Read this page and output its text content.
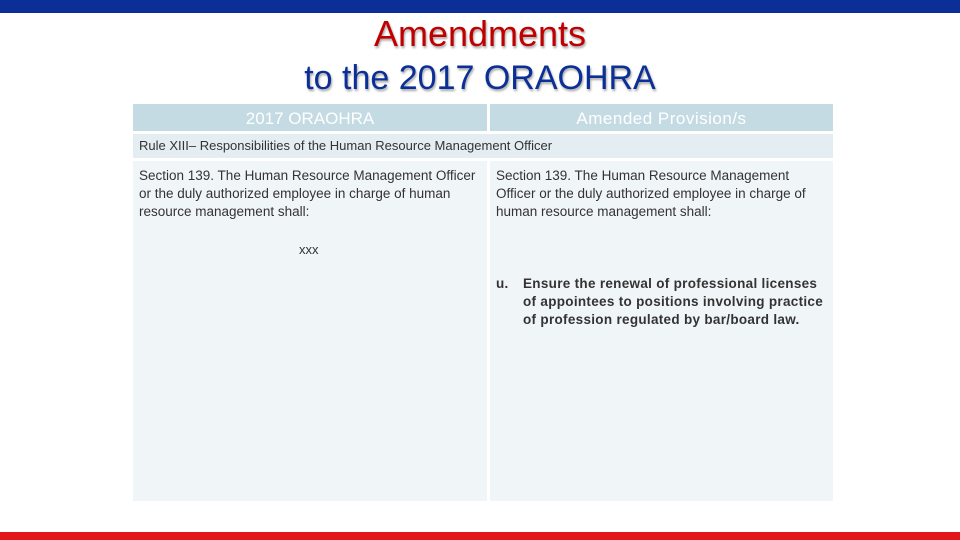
Amendments
to the 2017 ORAOHRA
2017 ORAOHRA	Amended Provision/s
Rule XIII– Responsibilities of the Human Resource Management Officer

Section 139. The Human Resource Management Officer or the duly authorized employee in charge of human resource management shall:

xxx

Section 139. The Human Resource Management Officer or the duly authorized employee in charge of human resource management shall:

u.	Ensure the renewal of professional licenses of appointees to positions involving practice of profession regulated by bar/board law.
